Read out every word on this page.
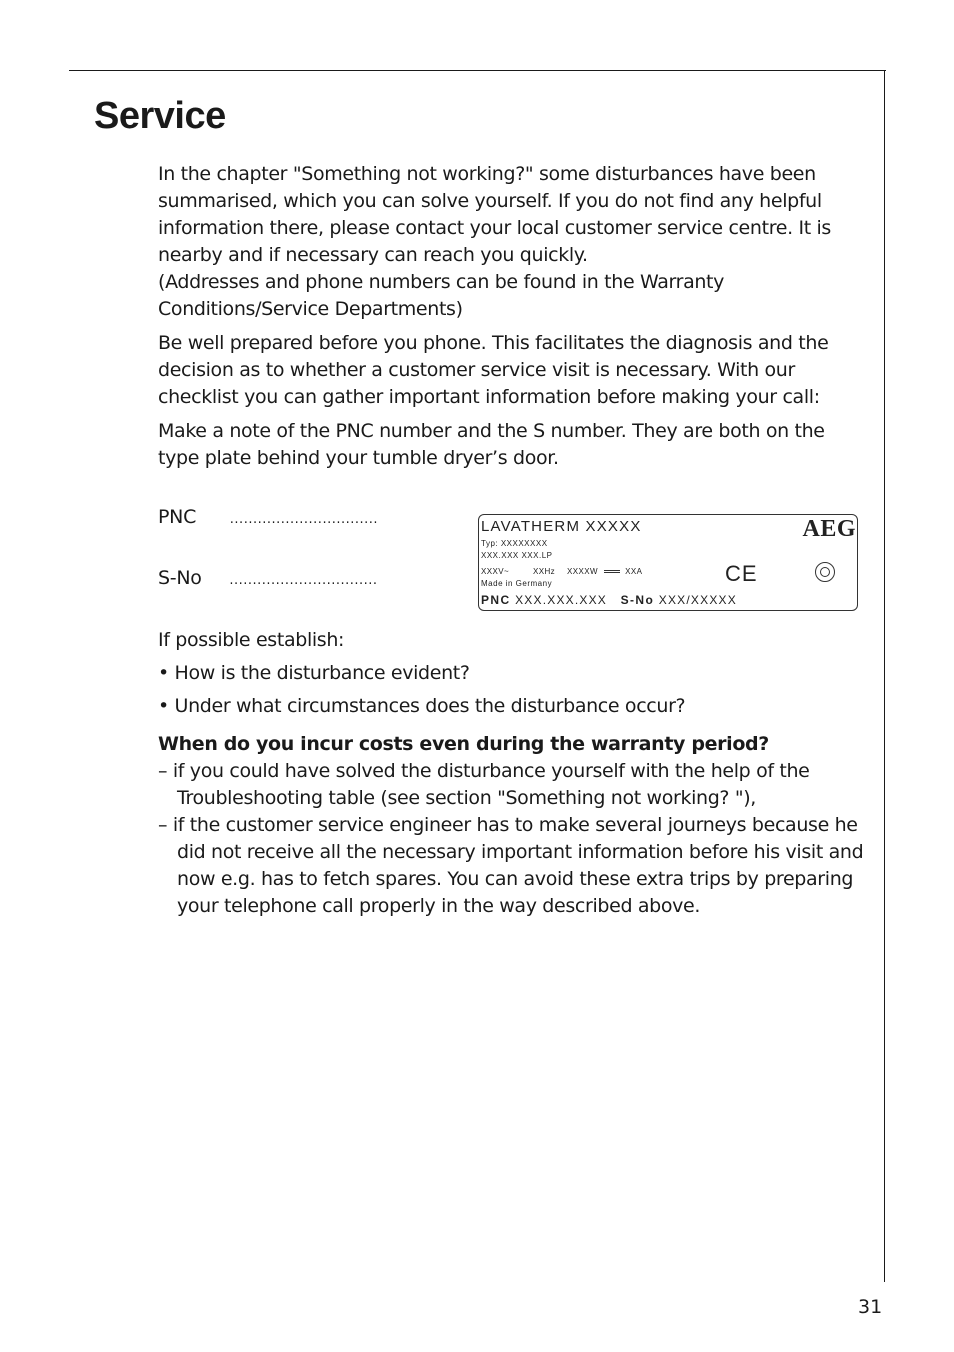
Service

In the chapter "Something not working?" some disturbances have been summarised, which you can solve yourself. If you do not find any helpful information there, please contact your local customer service centre. It is nearby and if necessary can reach you quickly.

(Addresses and phone numbers can be found in the Warranty Conditions/Service Departments)

Be well prepared before you phone. This facilitates the diagnosis and the decision as to whether a customer service visit is necessary. With our checklist you can gather important information before making your call:

Make a note of the PNC number and the S number. They are both on the type plate behind your tumble dryer’s door.

PNC	................................
S-No ................................
LAVATHERM XXXXX	AEG
Typ: XXXXXXXX
XXX.XXX XXX.LP
XXXV~	XXHz XXXXW	XXA
Made in Germany	CE
PNC XXX.XXX.XXX S-No XXX/XXXXX

If possible establish:

• How is the disturbance evident?

• Under what circumstances does the disturbance occur?

When do you incur costs even during the warranty period?

– if you could have solved the disturbance yourself with the help of the Troubleshooting table (see section "Something not working? "),

– if the customer service engineer has to make several journeys because he did not receive all the necessary important information before his visit and now e.g. has to fetch spares. You can avoid these extra trips by preparing your telephone call properly in the way described above.

31
